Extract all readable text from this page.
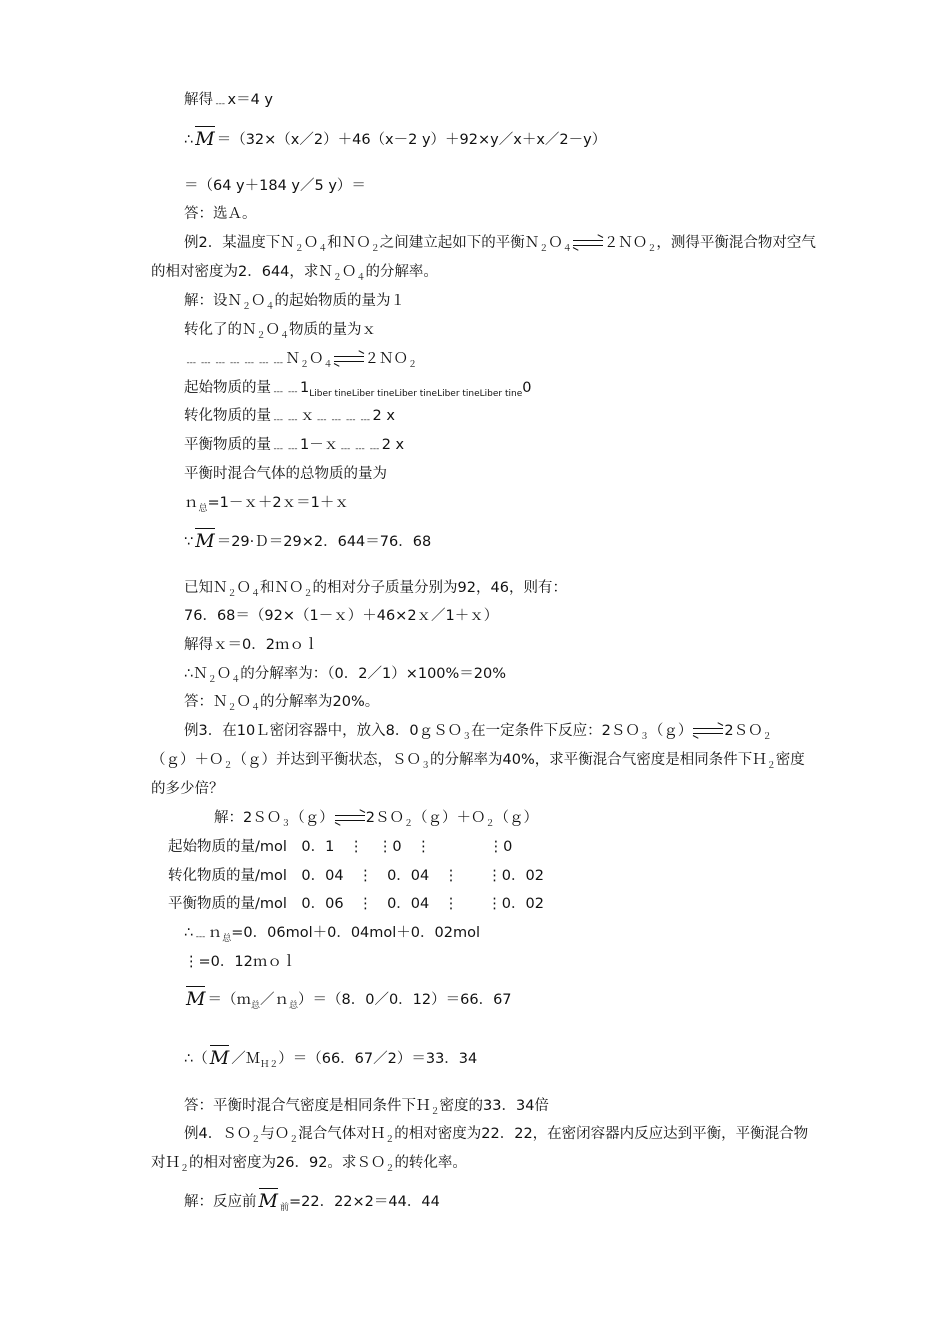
解得﹍x＝4 y
∴ M ＝（32×（x／2）＋46（x－2 y）＋92×y／x＋x／2－y）
＝（64 y＋184 y／5 y）＝
答：选Ａ。
例2．某温度下Ｎ$_2$Ｏ$_4$和ＮＯ$_2$之间建立起如下的平衡Ｎ$_2$Ｏ$_4$ ２ＮＯ$_2$，测得平衡混合物对空气
的相对密度为2．644，求Ｎ$_2$Ｏ$_4$的分解率。
解：设Ｎ$_2$Ｏ$_4$的起始物质的量为１
转化了的Ｎ$_2$Ｏ$_4$物质的量为ｘ
﹍﹍﹍﹍﹍﹍﹍Ｎ$_2$Ｏ$_4$ ２ＮＯ$_2$
起始物质的量$﹍﹍1_{Liber tineLiber tineLiber tineLiber tineLiber tine}0$
转化物质的量﹍﹍ｘ﹍﹍﹍﹍2 x
平衡物质的量﹍﹍1－ｘ﹍﹍﹍2 x
平衡时混合气体的总物质的量为
ｎ$_总$=1－ｘ＋2ｘ＝1＋ｘ
∵ M ＝29·Ｄ＝29×2．644＝76．68
已知Ｎ$_2$Ｏ$_4$和ＮＯ$_2$的相对分子质量分别为92，46，则有：
76．68＝（92×（1－ｘ）＋46×2ｘ／1＋ｘ）
解得ｘ＝0．2ｍｏｌ
∴Ｎ$_2$Ｏ$_4$的分解率为：（0．2／1）×100%＝20%
答：Ｎ$_2$Ｏ$_4$的分解率为20%。
例3．在10Ｌ密闭容器中，放入8．0ｇＳＯ$_3$在一定条件下反应：2ＳＯ$_3$（ｇ） 2ＳＯ$_2$
（ｇ）＋Ｏ$_2$（ｇ）并达到平衡状态，ＳＯ$_3$的分解率为40%，求平衡混合气密度是相同条件下Ｈ$_2$密度
的多少倍？
解：2ＳＯ$_3$（ｇ） 2ＳＯ$_2$（ｇ）＋Ｏ$_2$（ｇ）
起始物质的量/mol　0．1　⋮　⋮0　⋮　　　　⋮0
转化物质的量/mol　0．04　⋮　0．04　⋮　　⋮0．02
平衡物质的量/mol　0．06　⋮　0．04　⋮　　⋮0．02
∴﹍ｎ$_总$=0．06mol＋0．04mol＋0．02mol
⋮=0．12ｍｏｌ
M ＝（ｍ$_总$／ｎ$_总$）＝（8．0／0．12）＝66．67
∴（ M ／Ｍ$_{H2}$）＝（66．67／2）＝33．34
答：平衡时混合气密度是相同条件下Ｈ$_2$密度的33．34倍
例4．ＳＯ$_2$与Ｏ$_2$混合气体对Ｈ$_2$的相对密度为22．22，在密闭容器内反应达到平衡，平衡混合物
对Ｈ$_2$的相对密度为26．92。求ＳＯ$_2$的转化率。
解：反应前 M $_前$=22．22×2＝44．44
